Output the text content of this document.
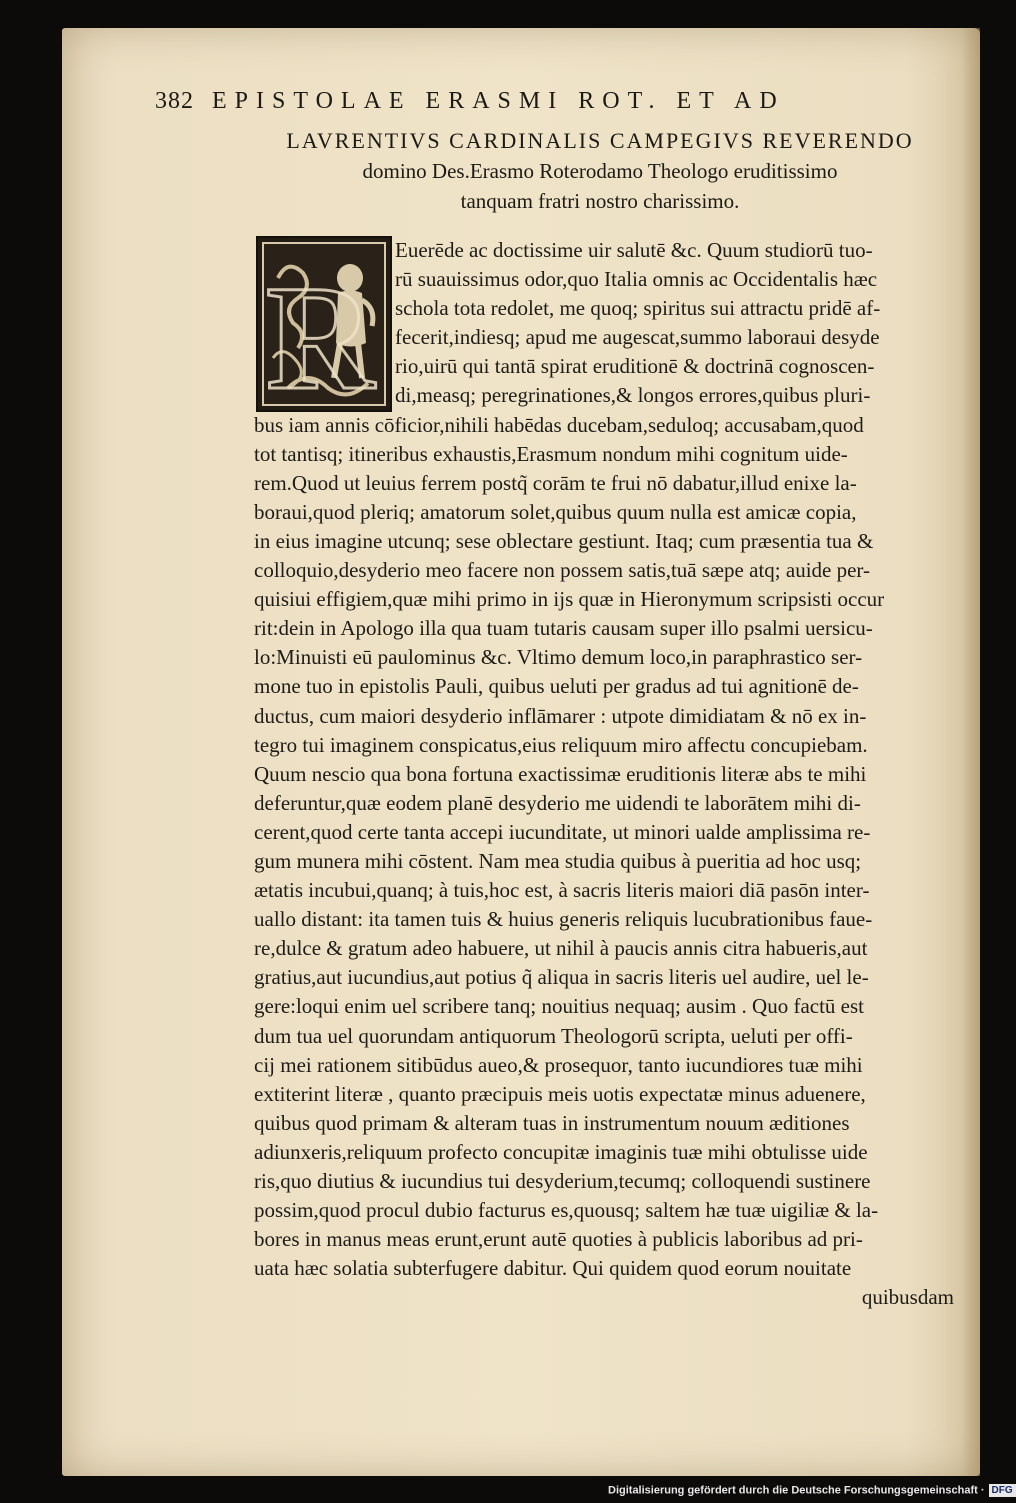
382 EPISTOLAE ERASMI ROT. ET AD
LAVRENTIVS CARDINALIS CAMPEGIVS REVERENDO
domino Des.Erasmo Roterodamo Theologo eruditissimo
tanquam fratri nostro charissimo.
R
Euerēde ac doctissime uir salutē &c. Quum studiorū tuo-
rū suauissimus odor,quo Italia omnis ac Occidentalis hæc
schola tota redolet, me quoq; spiritus sui attractu pridē af-
fecerit,indiesq; apud me augescat,summo laboraui desyde
rio,uirū qui tantā spirat eruditionē & doctrinā cognoscen-
di,measq; peregrinationes,& longos errores,quibus pluri-
bus iam annis cōficior,nihili habēdas ducebam,seduloq; accusabam,quod
tot tantisq; itineribus exhaustis,Erasmum nondum mihi cognitum uide-
rem.Quod ut leuius ferrem postq̃ corām te frui nō dabatur,illud enixe la-
boraui,quod pleriq; amatorum solet,quibus quum nulla est amicæ copia,
in eius imagine utcunq; sese oblectare gestiunt. Itaq; cum præsentia tua &
colloquio,desyderio meo facere non possem satis,tuā sæpe atq; auide per-
quisiui effigiem,quæ mihi primo in ijs quæ in Hieronymum scripsisti occur
rit:dein in Apologo illa qua tuam tutaris causam super illo psalmi uersicu-
lo:Minuisti eū paulominus &c. Vltimo demum loco,in paraphrastico ser-
mone tuo in epistolis Pauli, quibus ueluti per gradus ad tui agnitionē de-
ductus, cum maiori desyderio inflāmarer : utpote dimidiatam & nō ex in-
tegro tui imaginem conspicatus,eius reliquum miro affectu concupiebam.
Quum nescio qua bona fortuna exactissimæ eruditionis literæ abs te mihi
deferuntur,quæ eodem planē desyderio me uidendi te laborātem mihi di-
cerent,quod certe tanta accepi iucunditate, ut minori ualde amplissima re-
gum munera mihi cōstent. Nam mea studia quibus à pueritia ad hoc usq;
ætatis incubui,quanq; à tuis,hoc est, à sacris literis maiori diā pasōn inter-
uallo distant: ita tamen tuis & huius generis reliquis lucubrationibus faue-
re,dulce & gratum adeo habuere, ut nihil à paucis annis citra habueris,aut
gratius,aut iucundius,aut potius q̃ aliqua in sacris literis uel audire, uel le-
gere:loqui enim uel scribere tanq; nouitius nequaq; ausim . Quo factū est
dum tua uel quorundam antiquorum Theologorū scripta, ueluti per offi-
cij mei rationem sitibūdus aueo,& prosequor, tanto iucundiores tuæ mihi
extiterint literæ , quanto præcipuis meis uotis expectatæ minus aduenere,
quibus quod primam & alteram tuas in instrumentum nouum æditiones
adiunxeris,reliquum profecto concupitæ imaginis tuæ mihi obtulisse uide
ris,quo diutius & iucundius tui desyderium,tecumq; colloquendi sustinere
possim,quod procul dubio facturus es,quousq; saltem hæ tuæ uigiliæ & la-
bores in manus meas erunt,erunt autē quoties à publicis laboribus ad pri-
uata hæc solatia subterfugere dabitur. Qui quidem quod eorum nouitate
quibusdam
Digitalisierung gefördert durch die Deutsche Forschungsgemeinschaft · DFG
